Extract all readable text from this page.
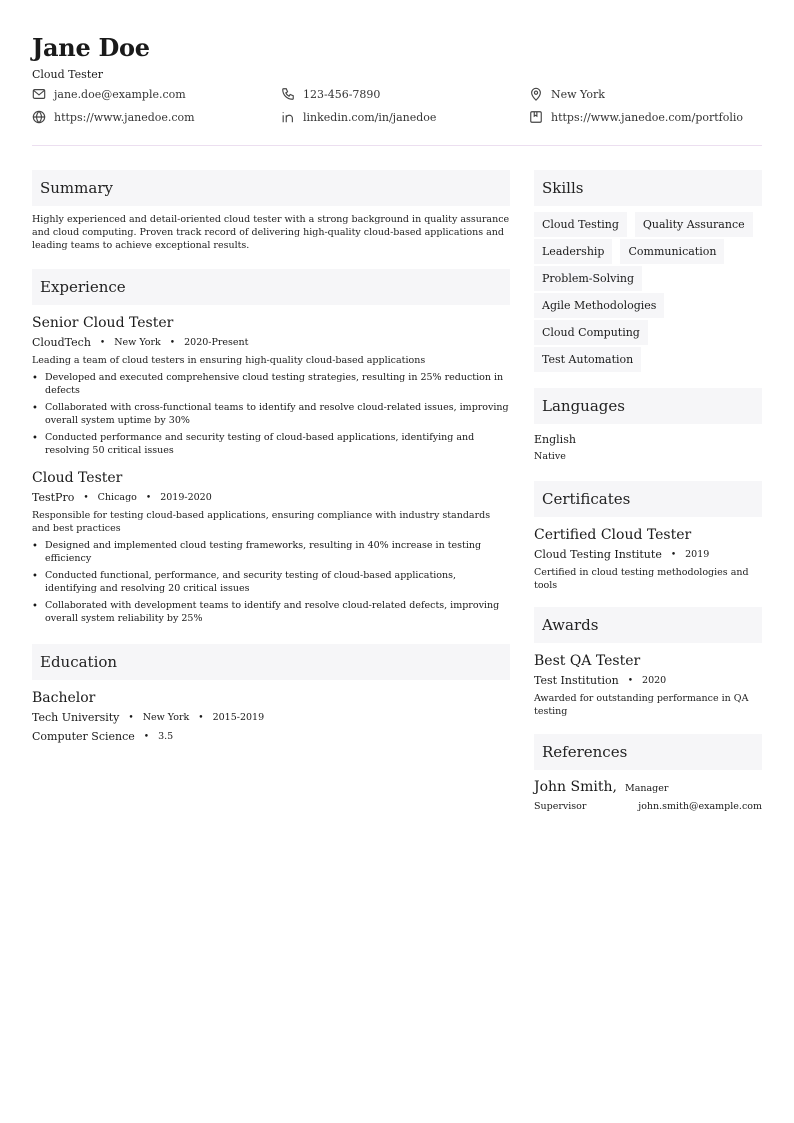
Jane Doe
Cloud Tester
jane.doe@example.com	123-456-7890	New York
https://www.janedoe.com	linkedin.com/in/janedoe	https://www.janedoe.com/portfolio
Summary
Highly experienced and detail-oriented cloud tester with a strong background in quality assurance and cloud computing. Proven track record of delivering high-quality cloud-based applications and leading teams to achieve exceptional results.
Experience
Senior Cloud Tester
CloudTech • New York • 2020-Present
Leading a team of cloud testers in ensuring high-quality cloud-based applications
• Developed and executed comprehensive cloud testing strategies, resulting in 25% reduction in defects
• Collaborated with cross-functional teams to identify and resolve cloud-related issues, improving overall system uptime by 30%
• Conducted performance and security testing of cloud-based applications, identifying and resolving 50 critical issues
Cloud Tester
TestPro • Chicago • 2019-2020
Responsible for testing cloud-based applications, ensuring compliance with industry standards and best practices
• Designed and implemented cloud testing frameworks, resulting in 40% increase in testing efficiency
• Conducted functional, performance, and security testing of cloud-based applications, identifying and resolving 20 critical issues
• Collaborated with development teams to identify and resolve cloud-related defects, improving overall system reliability by 25%
Education
Bachelor
Tech University • New York • 2015-2019
Computer Science • 3.5
Skills
Cloud Testing	Quality Assurance
Leadership	Communication
Problem-Solving
Agile Methodologies
Cloud Computing
Test Automation
Languages
English
Native
Certificates
Certified Cloud Tester
Cloud Testing Institute • 2019
Certified in cloud testing methodologies and tools
Awards
Best QA Tester
Test Institution • 2020
Awarded for outstanding performance in QA testing
References
John Smith, Manager
Supervisor	john.smith@example.com
